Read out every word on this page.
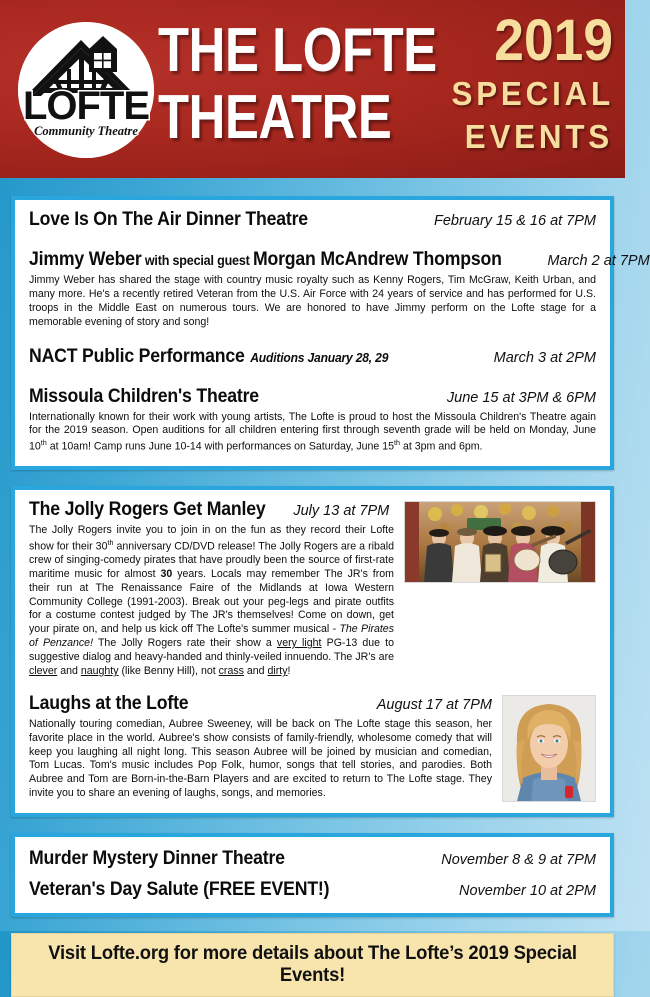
LOFTE
Community Theatre
THE LOFTE
THEATRE
2019
SPECIAL
EVENTS
Love Is On The Air Dinner Theatre	February 15 & 16 at 7PM
Jimmy Weber with special guest Morgan McAndrew Thompson	March 2 at 7PM
Jimmy Weber has shared the stage with country music royalty such as Kenny Rogers, Tim McGraw, Keith Urban, and many more. He's a recently retired Veteran from the U.S. Air Force with 24 years of service and has performed for U.S. troops in the Middle East on numerous tours. We are honored to have Jimmy perform on the Lofte stage for a memorable evening of story and song!
NACT Public Performance Auditions January 28, 29	March 3 at 2PM
Missoula Children's Theatre	June 15 at 3PM & 6PM
Internationally known for their work with young artists, The Lofte is proud to host the Missoula Children's Theatre again for the 2019 season. Open auditions for all children entering first through seventh grade will be held on Monday, June 10th at 10am! Camp runs June 10-14 with performances on Saturday, June 15th at 3pm and 6pm.
The Jolly Rogers Get Manley July 13 at 7PM
The Jolly Rogers invite you to join in on the fun as they record their Lofte show for their 30th anniversary CD/DVD release! The Jolly Rogers are a ribald crew of singing-comedy pirates that have proudly been the source of first-rate maritime music for almost 30 years. Locals may remember The JR's from their run at The Renaissance Faire of the Midlands at Iowa Western Community College (1991-2003). Break out your peg-legs and pirate outfits for a costume contest judged by The JR's themselves! Come on down, get your pirate on, and help us kick off The Lofte's summer musical - The Pirates of Penzance! The Jolly Rogers rate their show a very light PG-13 due to suggestive dialog and heavy-handed and thinly-veiled innuendo. The JR's are clever and naughty (like Benny Hill), not crass and dirty!
Laughs at the Lofte	August 17 at 7PM
Nationally touring comedian, Aubree Sweeney, will be back on The Lofte stage this season, her favorite place in the world. Aubree's show consists of family-friendly, wholesome comedy that will keep you laughing all night long. This season Aubree will be joined by musician and comedian, Tom Lucas. Tom's music includes Pop Folk, humor, songs that tell stories, and parodies. Both Aubree and Tom are Born-in-the-Barn Players and are excited to return to The Lofte stage. They invite you to share an evening of laughs, songs, and memories.
Murder Mystery Dinner Theatre	November 8 & 9 at 7PM
Veteran's Day Salute (FREE EVENT!)	November 10 at 2PM
Visit Lofte.org for more details about The Lofte’s 2019 Special Events!
